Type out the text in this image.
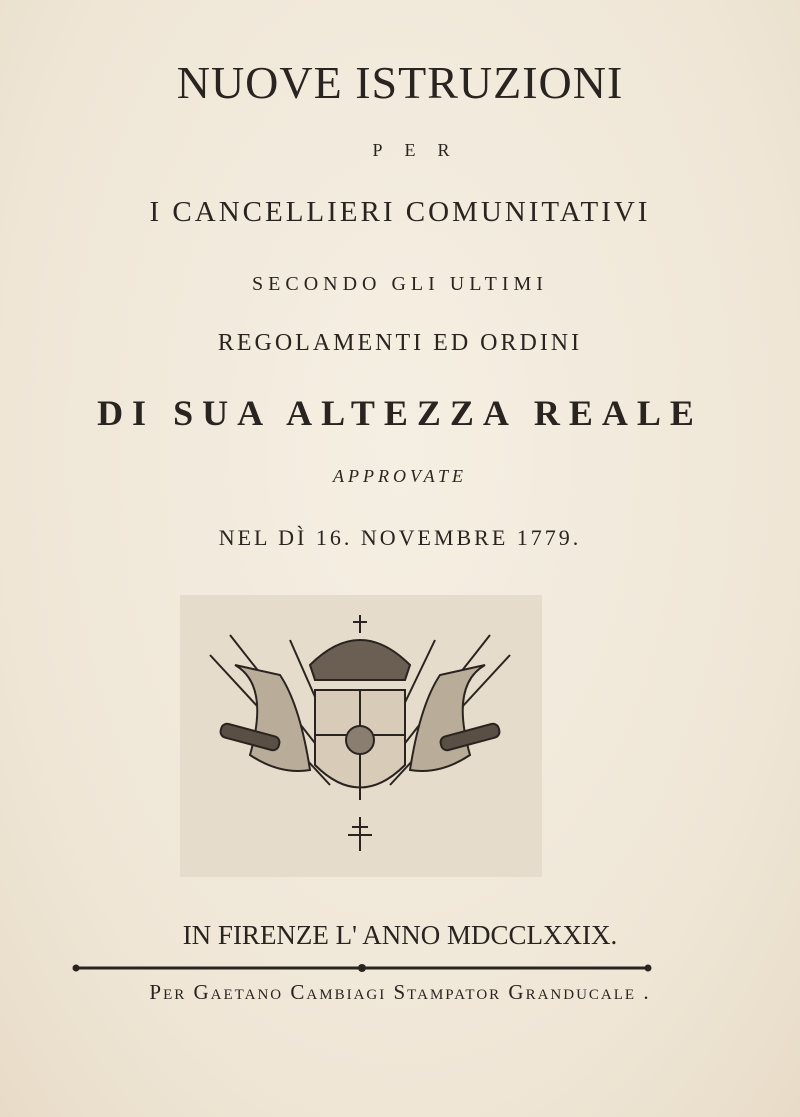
NUOVE ISTRUZIONI
PER
I CANCELLIERI COMUNITATIVI
SECONDO GLI ULTIMI
REGOLAMENTI ED ORDINI
DI SUA ALTEZZA REALE
APPROVATE
NEL DÌ 16. NOVEMBRE 1779.
IN FIRENZE L' ANNO MDCCLXXIX.
Per Gaetano Cambiagi Stampator Granducale .
